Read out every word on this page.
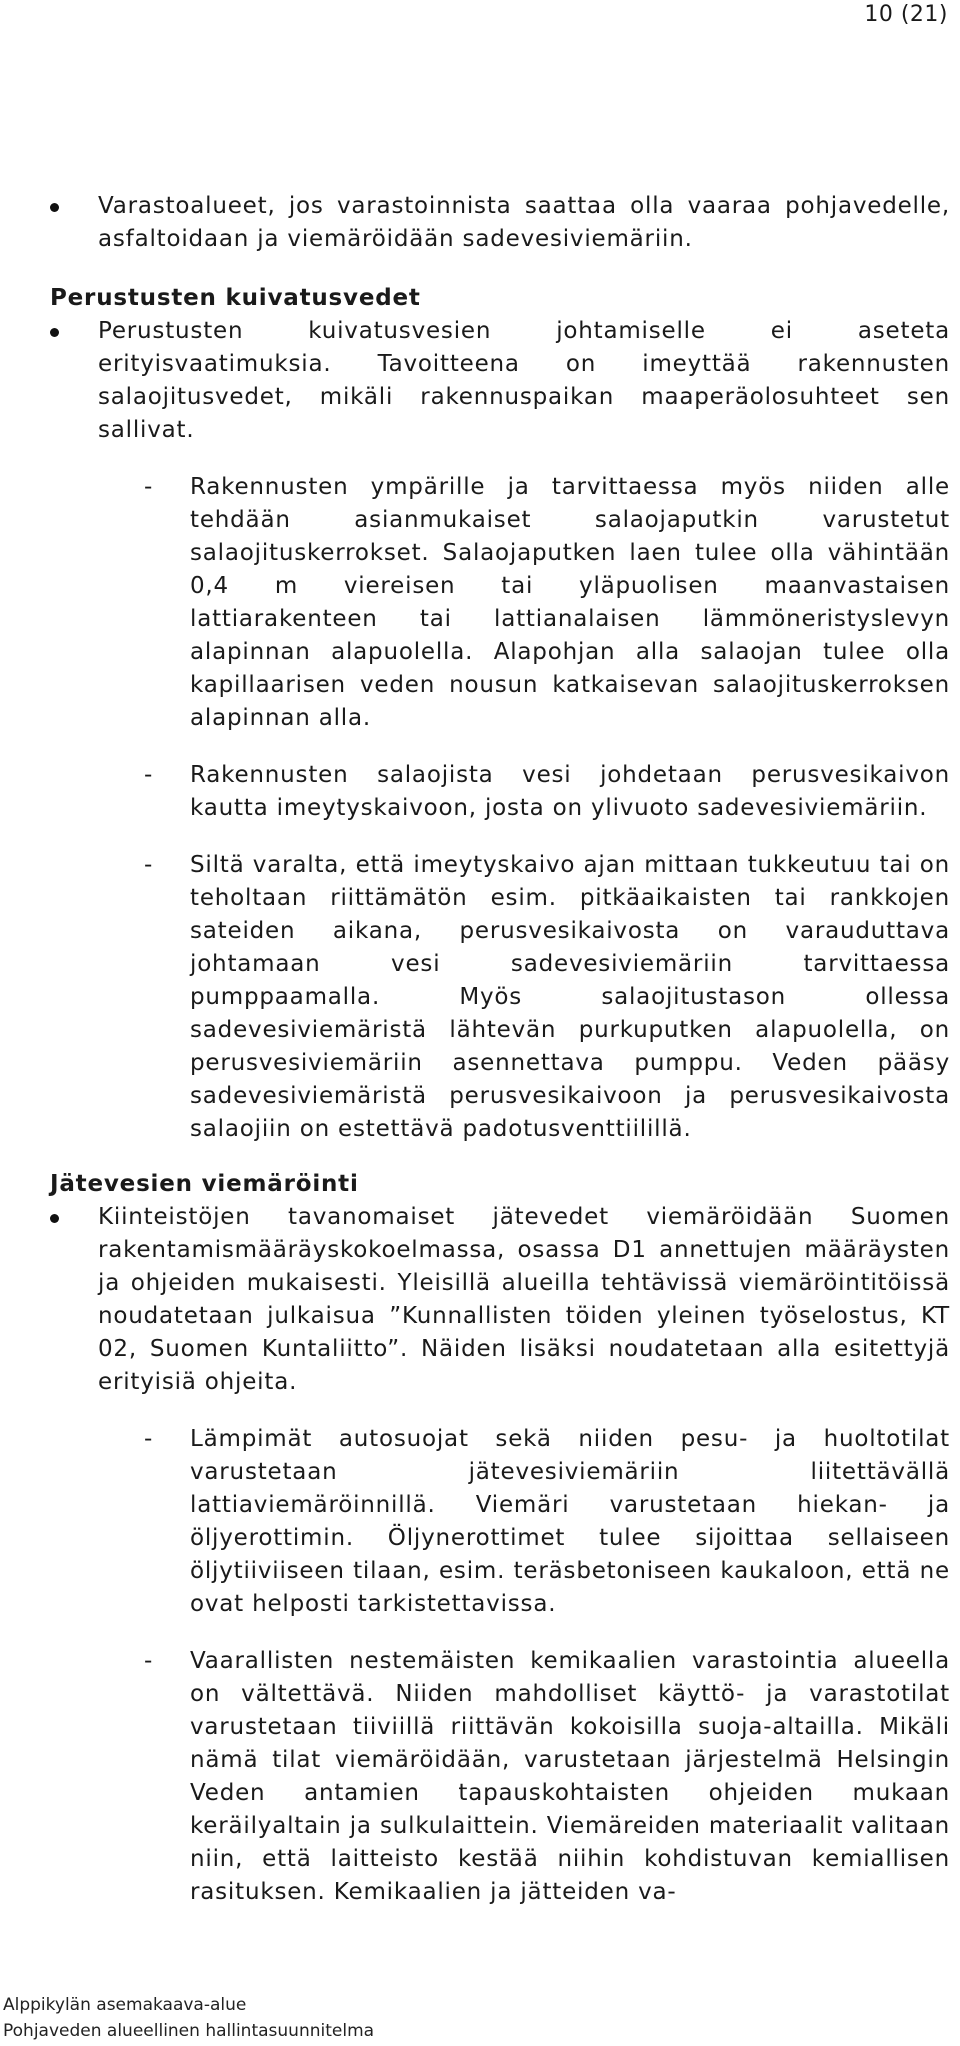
10 (21)

Varastoalueet, jos varastoinnista saattaa olla vaaraa pohjavedelle, asfaltoidaan ja viemäröidään sadevesiviemäriin.

Perustusten kuivatusvedet

Perustusten kuivatusvesien johtamiselle ei aseteta erityisvaatimuksia. Tavoitteena on imeyttää rakennusten salaojitusvedet, mikäli rakennuspaikan maaperäolosuhteet sen sallivat.

- Rakennusten ympärille ja tarvittaessa myös niiden alle tehdään asianmukaiset salaojaputkin varustetut salaojituskerrokset. Salaojaputken laen tulee olla vähintään 0,4 m viereisen tai yläpuolisen maanvastaisen lattiarakenteen tai lattianalaisen lämmöneristyslevyn alapinnan alapuolella. Alapohjan alla salaojan tulee olla kapillaarisen veden nousun katkaisevan salaojituskerroksen alapinnan alla.

- Rakennusten salaojista vesi johdetaan perusvesikaivon kautta imeytyskaivoon, josta on ylivuoto sadevesiviemäriin.

- Siltä varalta, että imeytyskaivo ajan mittaan tukkeutuu tai on teholtaan riittämätön esim. pitkäaikaisten tai rankkojen sateiden aikana, perusvesikaivosta on varauduttava johtamaan vesi sadevesiviemäriin tarvittaessa pumppaamalla. Myös salaojitustason ollessa sadevesiviemäristä lähtevän purkuputken alapuolella, on perusvesiviemäriin asennettava pumppu. Veden pääsy sadevesiviemäristä perusvesikaivoon ja perusvesikaivosta salaojiin on estettävä padotusventtiilillä.

Jätevesien viemäröinti

Kiinteistöjen tavanomaiset jätevedet viemäröidään Suomen rakentamismääräyskokoelmassa, osassa D1 annettujen määräysten ja ohjeiden mukaisesti. Yleisillä alueilla tehtävissä viemäröintitöissä noudatetaan julkaisua ”Kunnallisten töiden yleinen työselostus, KT 02, Suomen Kuntaliitto”. Näiden lisäksi noudatetaan alla esitettyjä erityisiä ohjeita.

- Lämpimät autosuojat sekä niiden pesu- ja huoltotilat varustetaan jätevesiviemäriin liitettävällä lattiaviemäröinnillä. Viemäri varustetaan hiekan- ja öljyerottimin. Öljynerottimet tulee sijoittaa sellaiseen öljytiiviiseen tilaan, esim. teräsbetoniseen kaukaloon, että ne ovat helposti tarkistettavissa.

- Vaarallisten nestemäisten kemikaalien varastointia alueella on vältettävä. Niiden mahdolliset käyttö- ja varastotilat varustetaan tiiviillä riittävän kokoisilla suoja-altailla. Mikäli nämä tilat viemäröidään, varustetaan järjestelmä Helsingin Veden antamien tapauskohtaisten ohjeiden mukaan keräilyaltain ja sulkulaittein. Viemäreiden materiaalit valitaan niin, että laitteisto kestää niihin kohdistuvan kemiallisen rasituksen. Kemikaalien ja jätteiden va-

Alppikylän asemakaava-alue
Pohjaveden alueellinen hallintasuunnitelma
